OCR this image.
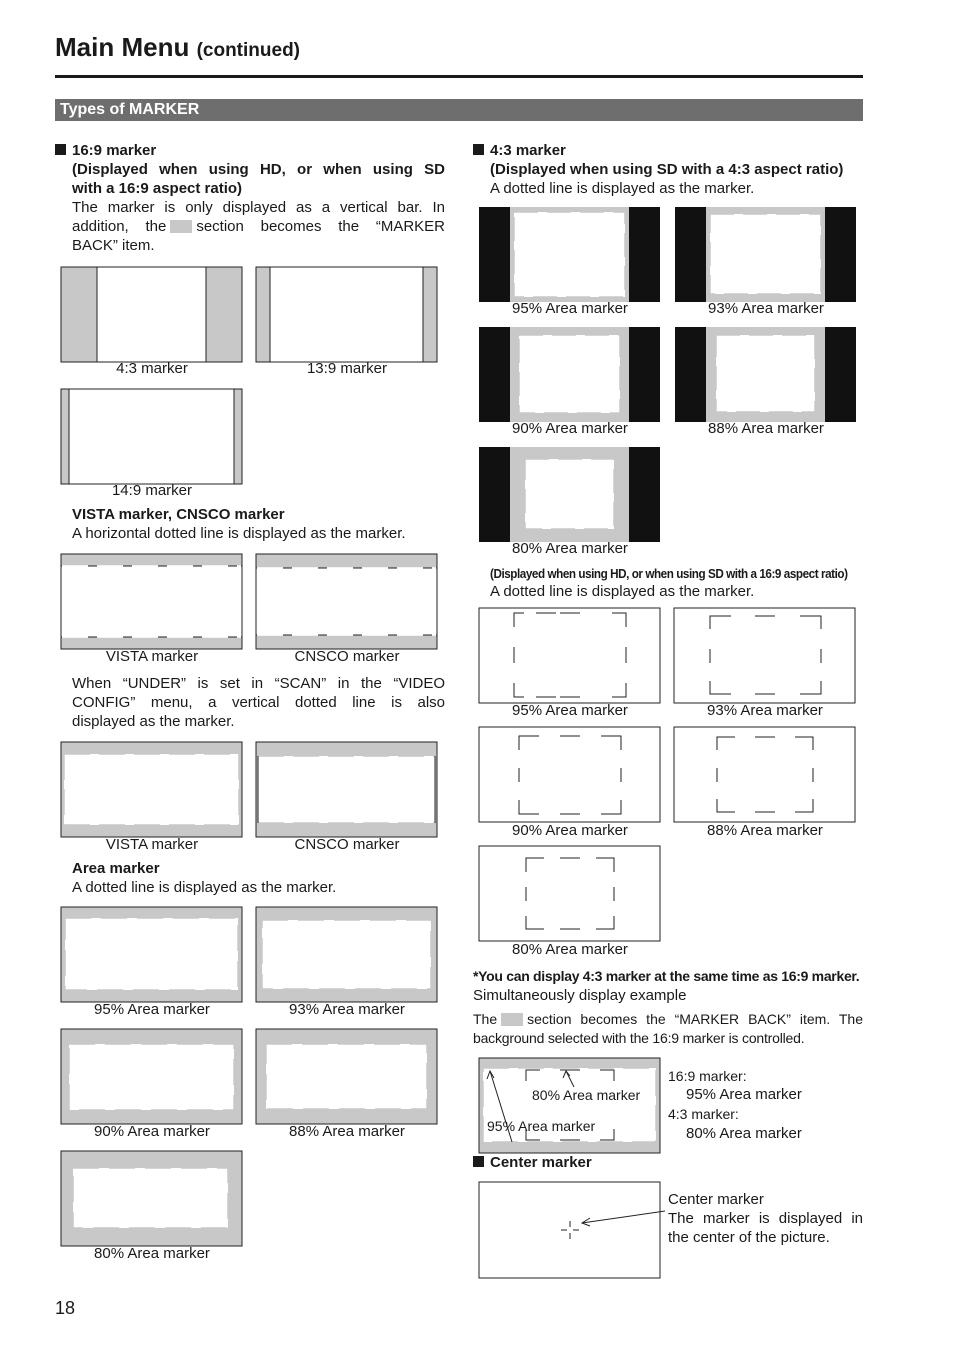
Main Menu (continued)
Types of MARKER
16:9 marker
(Displayed when using HD, or when using SD
with a 16:9 aspect ratio)
The marker is only displayed as a vertical bar. In
addition, the section becomes the “MARKER
BACK” item.
4:3 marker	13:9 marker
14:9 marker
VISTA marker, CNSCO marker
A horizontal dotted line is displayed as the marker.
VISTA marker	CNSCO marker
When “UNDER” is set in “SCAN” in the “VIDEO
CONFIG” menu, a vertical dotted line is also
displayed as the marker.
VISTA marker	CNSCO marker
Area marker
A dotted line is displayed as the marker.
95% Area marker	93% Area marker
90% Area marker	88% Area marker
80% Area marker
4:3 marker
(Displayed when using SD with a 4:3 aspect ratio)
A dotted line is displayed as the marker.
95% Area marker	93% Area marker
90% Area marker	88% Area marker
80% Area marker
(Displayed when using HD, or when using SD with a 16:9 aspect ratio)
A dotted line is displayed as the marker.
95% Area marker	93% Area marker
90% Area marker	88% Area marker
80% Area marker
*You can display 4:3 marker at the same time as 16:9 marker.
Simultaneously display example
The section becomes the “MARKER BACK” item. The
background selected with the 16:9 marker is controlled.
80% Area marker
95% Area marker
16:9 marker:
95% Area marker
4:3 marker:
80% Area marker
Center marker
Center marker
The marker is displayed in
the center of the picture.
18
